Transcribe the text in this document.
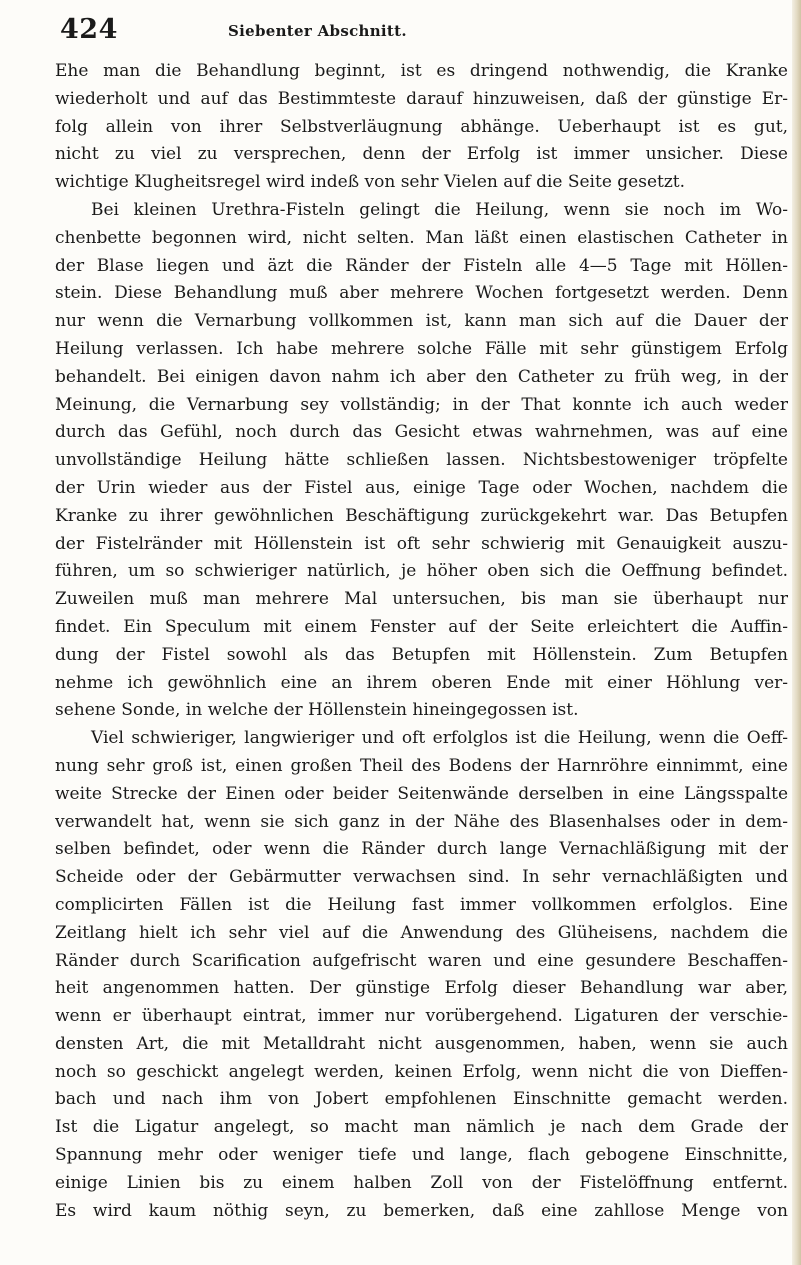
424	Siebenter Abschnitt.
Ehe man die Behandlung beginnt, ist es dringend nothwendig, die Kranke
wiederholt und auf das Bestimmteste darauf hinzuweisen, daß der günstige Er-
folg allein von ihrer Selbstverläugnung abhänge. Ueberhaupt ist es gut,
nicht zu viel zu versprechen, denn der Erfolg ist immer unsicher. Diese
wichtige Klugheitsregel wird indeß von sehr Vielen auf die Seite gesetzt.
Bei kleinen Urethra-Fisteln gelingt die Heilung, wenn sie noch im Wo-
chenbette begonnen wird, nicht selten. Man läßt einen elastischen Catheter in
der Blase liegen und äzt die Ränder der Fisteln alle 4—5 Tage mit Höllen-
stein. Diese Behandlung muß aber mehrere Wochen fortgesetzt werden. Denn
nur wenn die Vernarbung vollkommen ist, kann man sich auf die Dauer der
Heilung verlassen. Ich habe mehrere solche Fälle mit sehr günstigem Erfolg
behandelt. Bei einigen davon nahm ich aber den Catheter zu früh weg, in der
Meinung, die Vernarbung sey vollständig; in der That konnte ich auch weder
durch das Gefühl, noch durch das Gesicht etwas wahrnehmen, was auf eine
unvollständige Heilung hätte schließen lassen. Nichtsbestoweniger tröpfelte
der Urin wieder aus der Fistel aus, einige Tage oder Wochen, nachdem die
Kranke zu ihrer gewöhnlichen Beschäftigung zurückgekehrt war. Das Betupfen
der Fistelränder mit Höllenstein ist oft sehr schwierig mit Genauigkeit auszu-
führen, um so schwieriger natürlich, je höher oben sich die Oeffnung befindet.
Zuweilen muß man mehrere Mal untersuchen, bis man sie überhaupt nur
findet. Ein Speculum mit einem Fenster auf der Seite erleichtert die Auffin-
dung der Fistel sowohl als das Betupfen mit Höllenstein. Zum Betupfen
nehme ich gewöhnlich eine an ihrem oberen Ende mit einer Höhlung ver-
sehene Sonde, in welche der Höllenstein hineingegossen ist.
Viel schwieriger, langwieriger und oft erfolglos ist die Heilung, wenn die Oeff-
nung sehr groß ist, einen großen Theil des Bodens der Harnröhre einnimmt, eine
weite Strecke der Einen oder beider Seitenwände derselben in eine Längsspalte
verwandelt hat, wenn sie sich ganz in der Nähe des Blasenhalses oder in dem-
selben befindet, oder wenn die Ränder durch lange Vernachläßigung mit der
Scheide oder der Gebärmutter verwachsen sind. In sehr vernachläßigten und
complicirten Fällen ist die Heilung fast immer vollkommen erfolglos. Eine
Zeitlang hielt ich sehr viel auf die Anwendung des Glüheisens, nachdem die
Ränder durch Scarification aufgefrischt waren und eine gesundere Beschaffen-
heit angenommen hatten. Der günstige Erfolg dieser Behandlung war aber,
wenn er überhaupt eintrat, immer nur vorübergehend. Ligaturen der verschie-
densten Art, die mit Metalldraht nicht ausgenommen, haben, wenn sie auch
noch so geschickt angelegt werden, keinen Erfolg, wenn nicht die von Dieffen-
bach und nach ihm von Jobert empfohlenen Einschnitte gemacht werden.
Ist die Ligatur angelegt, so macht man nämlich je nach dem Grade der
Spannung mehr oder weniger tiefe und lange, flach gebogene Einschnitte,
einige Linien bis zu einem halben Zoll von der Fistelöffnung entfernt.
Es wird kaum nöthig seyn, zu bemerken, daß eine zahllose Menge von
